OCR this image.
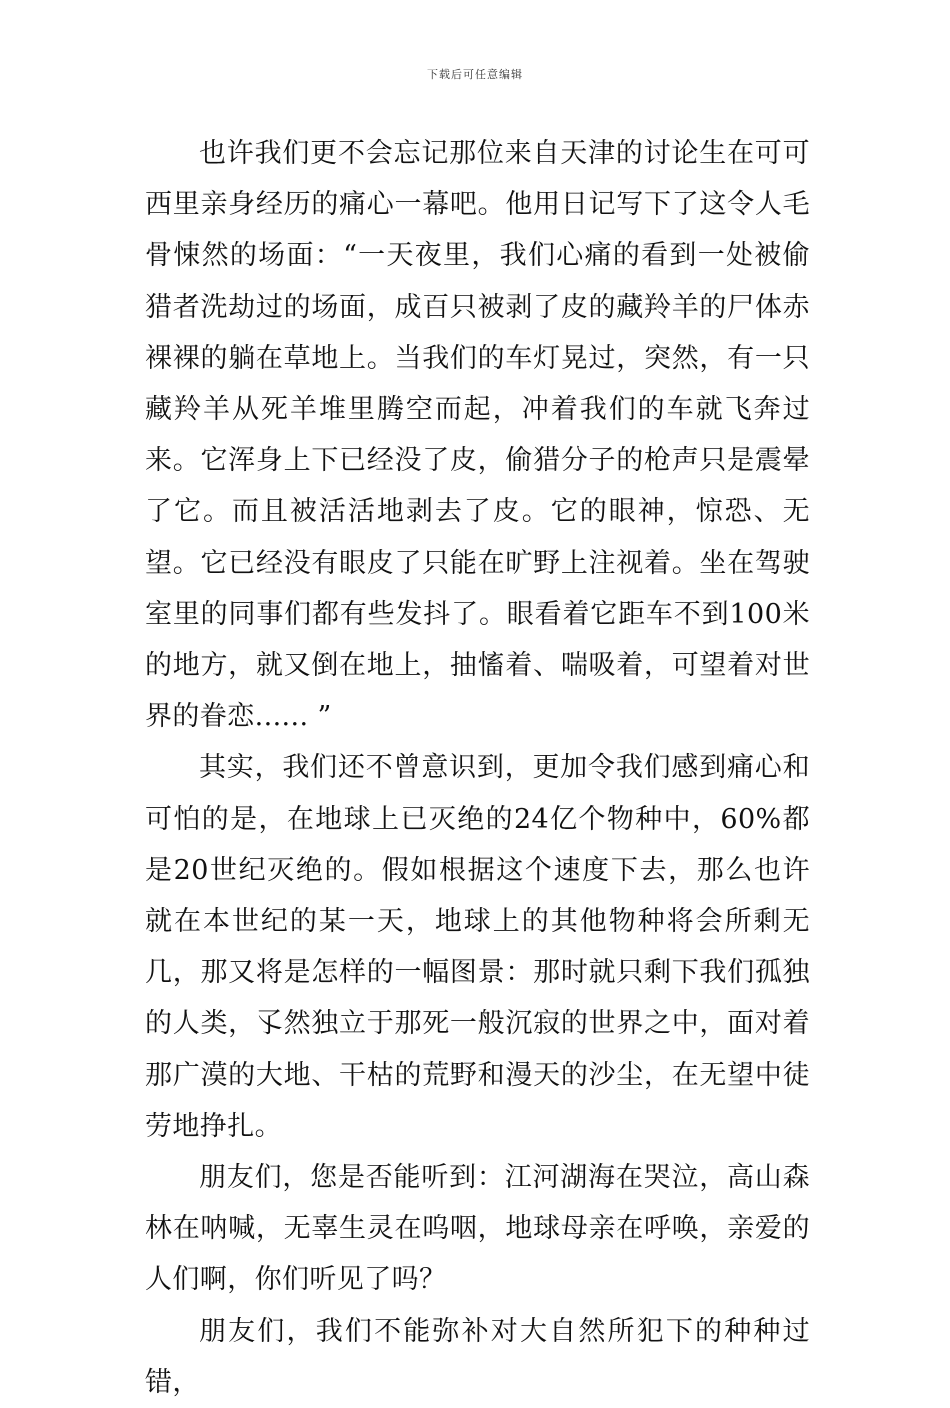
下载后可任意编辑

也许我们更不会忘记那位来自天津的讨论生在可可西里亲身经历的痛心一幕吧。他用日记写下了这令人毛骨悚然的场面：“一天夜里，我们心痛的看到一处被偷猎者洗劫过的场面，成百只被剥了皮的藏羚羊的尸体赤裸裸的躺在草地上。当我们的车灯晃过，突然，有一只藏羚羊从死羊堆里腾空而起，冲着我们的车就飞奔过来。它浑身上下已经没了皮，偷猎分子的枪声只是震晕了它。而且被活活地剥去了皮。它的眼神，惊恐、无望。它已经没有眼皮了只能在旷野上注视着。坐在驾驶室里的同事们都有些发抖了。眼看着它距车不到100米的地方，就又倒在地上，抽慉着、喘吸着，可望着对世界的眷恋...... ”

其实，我们还不曾意识到，更加令我们感到痛心和可怕的是，在地球上已灭绝的24亿个物种中，60%都是20世纪灭绝的。假如根据这个速度下去，那么也许就在本世纪的某一天，地球上的其他物种将会所剩无几，那又将是怎样的一幅图景：那时就只剩下我们孤独的人类，孓然独立于那死一般沉寂的世界之中，面对着那广漠的大地、干枯的荒野和漫天的沙尘，在无望中徒劳地挣扎。

朋友们，您是否能听到：江河湖海在哭泣，高山森林在呐喊，无辜生灵在呜咽，地球母亲在呼唤，亲爱的人们啊，你们听见了吗？

朋友们，我们不能弥补对大自然所犯下的种种过错，
